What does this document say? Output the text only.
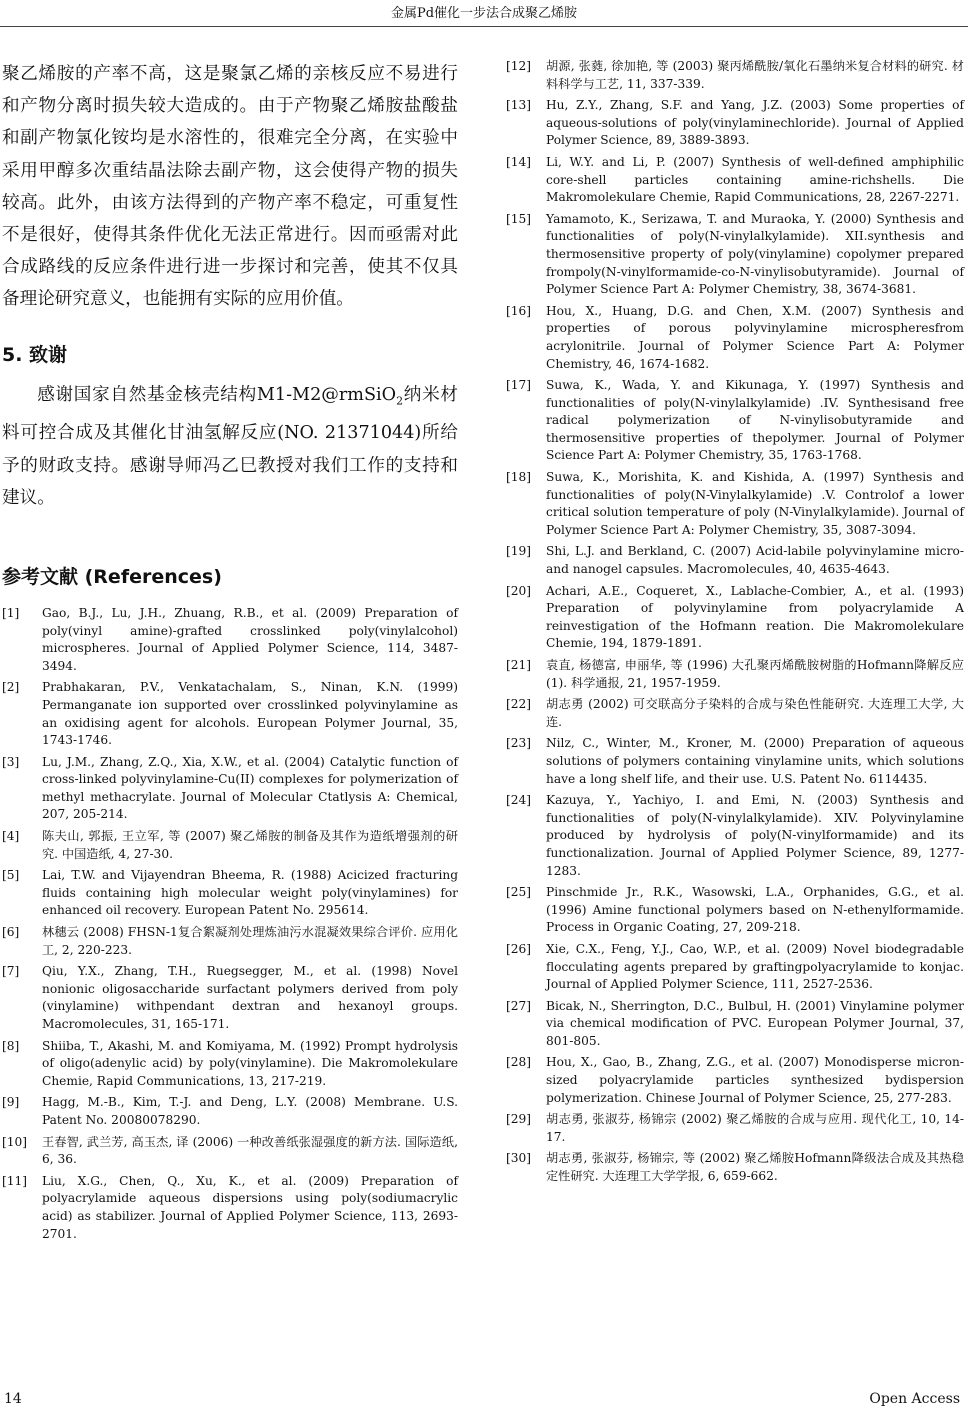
金属Pd催化一步法合成聚乙烯胺

聚乙烯胺的产率不高，这是聚氯乙烯的亲核反应不易进行和产物分离时损失较大造成的。由于产物聚乙烯胺盐酸盐和副产物氯化铵均是水溶性的，很难完全分离，在实验中采用甲醇多次重结晶法除去副产物，这会使得产物的损失较高。此外，由该方法得到的产物产率不稳定，可重复性不是很好，使得其条件优化无法正常进行。因而亟需对此合成路线的反应条件进行进一步探讨和完善，使其不仅具备理论研究意义，也能拥有实际的应用价值。

5. 致谢

感谢国家自然基金核壳结构M1-M2@rmSiO$_2$纳米材料可控合成及其催化甘油氢解反应(NO. 21371044)所给予的财政支持。感谢导师冯乙巳教授对我们工作的支持和建议。

参考文献 (References)
[1]	Gao, B.J., Lu, J.H., Zhuang, R.B., et al. (2009) Preparation of poly(vinyl amine)-grafted crosslinked poly(vinylalcohol) microspheres. Journal of Applied Polymer Science, 114, 3487-3494.
[2]	Prabhakaran, P.V., Venkatachalam, S., Ninan, K.N. (1999) Permanganate ion supported over crosslinked polyvinylamine as an oxidising agent for alcohols. European Polymer Journal, 35, 1743-1746.
[3]	Lu, J.M., Zhang, Z.Q., Xia, X.W., et al. (2004) Catalytic function of cross-linked polyvinylamine-Cu(II) complexes for polymerization of methyl methacrylate. Journal of Molecular Ctatlysis A: Chemical, 207, 205-214.
[4]	陈夫山, 郭振, 王立军, 等 (2007) 聚乙烯胺的制备及其作为造纸增强剂的研究. 中国造纸, 4, 27-30.
[5]	Lai, T.W. and Vijayendran Bheema, R. (1988) Acicized fracturing fluids containing high molecular weight poly(vinylamines) for enhanced oil recovery. European Patent No. 295614.
[6]	林穗云 (2008) FHSN-1复合絮凝剂处理炼油污水混凝效果综合评价. 应用化工, 2, 220-223.
[7]	Qiu, Y.X., Zhang, T.H., Ruegsegger, M., et al. (1998) Novel nonionic oligosaccharide surfactant polymers derived from poly (vinylamine) withpendant dextran and hexanoyl groups. Macromolecules, 31, 165-171.
[8]	Shiiba, T., Akashi, M. and Komiyama, M. (1992) Prompt hydrolysis of oligo(adenylic acid) by poly(vinylamine). Die Makromolekulare Chemie, Rapid Communications, 13, 217-219.
[9]	Hagg, M.-B., Kim, T.-J. and Deng, L.Y. (2008) Membrane. U.S. Patent No. 20080078290.
[10]	王春智, 武兰芳, 高玉杰, 译 (2006) 一种改善纸张湿强度的新方法. 国际造纸, 6, 36.
[11]	Liu, X.G., Chen, Q., Xu, K., et al. (2009) Preparation of polyacrylamide aqueous dispersions using poly(sodiumacrylic acid) as stabilizer. Journal of Applied Polymer Science, 113, 2693-2701.
[12]	胡源, 张蕤, 徐加艳, 等 (2003) 聚丙烯酰胺/氧化石墨纳米复合材料的研究. 材料科学与工艺, 11, 337-339.
[13]	Hu, Z.Y., Zhang, S.F. and Yang, J.Z. (2003) Some properties of aqueous-solutions of poly(vinylaminechloride). Journal of Applied Polymer Science, 89, 3889-3893.
[14]	Li, W.Y. and Li, P. (2007) Synthesis of well-defined amphiphilic core-shell particles containing amine-richshells. Die Makromolekulare Chemie, Rapid Communications, 28, 2267-2271.
[15]	Yamamoto, K., Serizawa, T. and Muraoka, Y. (2000) Synthesis and functionalities of poly(N-vinylalkylamide). XII.synthesis and thermosensitive property of poly(vinylamine) copolymer prepared frompoly(N-vinylformamide-co-N-vinylisobutyramide). Journal of Polymer Science Part A: Polymer Chemistry, 38, 3674-3681.
[16]	Hou, X., Huang, D.G. and Chen, X.M. (2007) Synthesis and properties of porous polyvinylamine microspheresfrom acrylonitrile. Journal of Polymer Science Part A: Polymer Chemistry, 46, 1674-1682.
[17]	Suwa, K., Wada, Y. and Kikunaga, Y. (1997) Synthesis and functionalities of poly(N-vinylalkylamide) .IV. Synthesisand free radical polymerization of N-vinylisobutyramide and thermosensitive properties of thepolymer. Journal of Polymer Science Part A: Polymer Chemistry, 35, 1763-1768.
[18]	Suwa, K., Morishita, K. and Kishida, A. (1997) Synthesis and functionalities of poly(N-Vinylalkylamide) .V. Controlof a lower critical solution temperature of poly (N-Vinylalkylamide). Journal of Polymer Science Part A: Polymer Chemistry, 35, 3087-3094.
[19]	Shi, L.J. and Berkland, C. (2007) Acid-labile polyvinylamine micro- and nanogel capsules. Macromolecules, 40, 4635-4643.
[20]	Achari, A.E., Coqueret, X., Lablache-Combier, A., et al. (1993) Preparation of polyvinylamine from polyacrylamide A reinvestigation of the Hofmann reation. Die Makromolekulare Chemie, 194, 1879-1891.
[21]	袁直, 杨德富, 申丽华, 等 (1996) 大孔聚丙烯酰胺树脂的Hofmann降解反应(1). 科学通报, 21, 1957-1959.
[22]	胡志勇 (2002) 可交联高分子染料的合成与染色性能研究. 大连理工大学, 大连.
[23]	Nilz, C., Winter, M., Kroner, M. (2000) Preparation of aqueous solutions of polymers containing vinylamine units, which solutions have a long shelf life, and their use. U.S. Patent No. 6114435.
[24]	Kazuya, Y., Yachiyo, I. and Emi, N. (2003) Synthesis and functionalities of poly(N-vinylalkylamide). XIV. Polyvinylamine produced by hydrolysis of poly(N-vinylformamide) and its functionalization. Journal of Applied Polymer Science, 89, 1277-1283.
[25]	Pinschmide Jr., R.K., Wasowski, L.A., Orphanides, G.G., et al. (1996) Amine functional polymers based on N-ethenylformamide. Process in Organic Coating, 27, 209-218.
[26]	Xie, C.X., Feng, Y.J., Cao, W.P., et al. (2009) Novel biodegradable flocculating agents prepared by graftingpolyacrylamide to konjac. Journal of Applied Polymer Science, 111, 2527-2536.
[27]	Bicak, N., Sherrington, D.C., Bulbul, H. (2001) Vinylamine polymer via chemical modification of PVC. European Polymer Journal, 37, 801-805.
[28]	Hou, X., Gao, B., Zhang, Z.G., et al. (2007) Monodisperse micron-sized polyacrylamide particles synthesized bydispersion polymerization. Chinese Journal of Polymer Science, 25, 277-283.
[29]	胡志勇, 张淑芬, 杨锦宗 (2002) 聚乙烯胺的合成与应用. 现代化工, 10, 14-17.
[30]	胡志勇, 张淑芬, 杨锦宗, 等 (2002) 聚乙烯胺Hofmann降级法合成及其热稳定性研究. 大连理工大学学报, 6, 659-662.
14	Open Access
